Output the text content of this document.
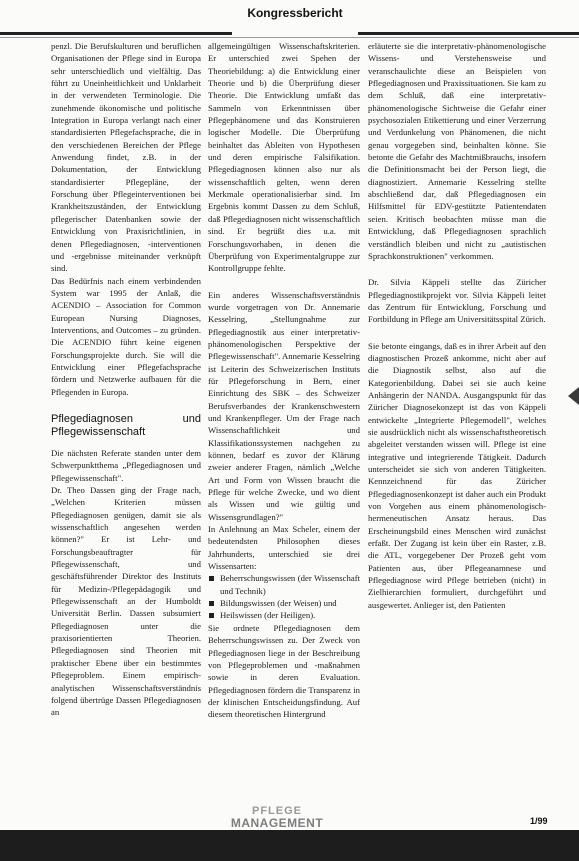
Kongressbericht

penzl. Die Berufskulturen und beruflichen Organisationen der Pflege sind in Europa sehr unterschiedlich und vielfältig. Das führt zu Uneinheitlichkeit und Unklarheit in der verwendeten Terminologie. Die zunehmende ökonomische und politische Integration in Europa verlangt nach einer standardisierten Pflegefachsprache, die in den verschiedenen Bereichen der Pflege Anwendung findet, z.B. in der Dokumentation, der Entwicklung standardisierter Pflegepläne, der Forschung über Pflegeinterventionen bei Krankheitszuständen, der Entwicklung pflegerischer Datenbanken sowie der Entwicklung von Praxisrichtlinien, in denen Pflegediagnosen, -interventionen und -ergebnisse miteinander verknüpft sind.

Das Bedürfnis nach einem verbindenden System war 1995 der Anlaß, die ACENDIO – Association for Common European Nursing Diagnoses, Interventions, and Outcomes – zu gründen. Die ACENDIO führt keine eigenen Forschungsprojekte durch. Sie will die Entwicklung einer Pflegefachsprache fördern und Netzwerke aufbauen für die Pflegenden in Europa.

Pflegediagnosen und Pflegewissenschaft

Die nächsten Referate standen unter dem Schwerpunktthema „Pflegediagnosen und Pflegewissenschaft".

Dr. Theo Dassen ging der Frage nach, „Welchen Kriterien müssen Pflegediagnosen genügen, damit sie als wissenschaftlich angesehen werden können?" Er ist Lehr- und Forschungsbeauftragter für Pflegewissenschaft, und geschäftsführender Direktor des Instituts für Medizin-/Pflegepädagogik und Pflegewissenschaft an der Humboldt Universität Berlin. Dassen subsumiert Pflegediagnosen unter die praxisorientierten Theorien. Pflegediagnosen sind Theorien mit praktischer Ebene über ein bestimmtes Pflegeproblem. Einem empirisch-analytischen Wissenschaftsverständnis folgend übertrüge Dassen Pflegediagnosen an

allgemeingültigen Wissenschaftskriterien. Er unterschied zwei Spehen der Theoriebildung: a) die Entwicklung einer Theorie und b) die Überprüfung dieser Theorie. Die Entwicklung umfaßt das Sammeln von Erkenntnissen über Pflegephänomene und das Konstruieren logischer Modelle. Die Überprüfung beinhaltet das Ableiten von Hypothesen und deren empirische Falsifikation. Pflegediagnosen können also nur als wissenschaftlich gelten, wenn deren Merkmale operationalisierbar sind. Im Ergebnis kommt Dassen zu dem Schluß, daß Pflegediagnosen nicht wissenschaftlich sind. Er begrüßt dies u.a. mit Forschungsvorhaben, in denen die Überprüfung von Experimentalgruppe zur Kontrollgruppe fehlte.

Ein anderes Wissenschaftsverständnis wurde vorgetragen von Dr. Annemarie Kesselring, „Stellungnahme zur Pflegediagnostik aus einer interpretativ-phänomenologischen Perspektive der Pflegewissenschaft". Annemarie Kesselring ist Leiterin des Schweizerischen Instituts für Pflegeforschung in Bern, einer Einrichtung des SBK – des Schweizer Berufsverbandes der Krankenschwestern und Krankenpfleger. Um der Frage nach Wissenschaftlichkeit und Klassifikationssystemen nachgehen zu können, bedarf es zuvor der Klärung zweier anderer Fragen, nämlich „Welche Art und Form von Wissen braucht die Pflege für welche Zwecke, und wo dient als Wissen und wie gültig und Wissensgrundlagen?"

In Anlehnung an Max Scheler, einem der bedeutendsten Philosophen dieses Jahrhunderts, unterschied sie drei Wissensarten:

Beherrschungswissen (der Wissenschaft und Technik)
Bildungswissen (der Weisen) und
Heilswissen (der Heiligen).

Sie ordnete Pflegediagnosen dem Beherrschungswissen zu. Der Zweck von Pflegediagnosen liege in der Beschreibung von Pflegeproblemen und -maßnahmen sowie in deren Evaluation. Pflegediagnosen fördern die Transparenz in der klinischen Entscheidungsfindung. Auf diesem theoretischen Hintergrund

erläuterte sie die interpretativ-phänomenologische Wissens- und Verstehensweise und veranschaulichte diese an Beispielen von Pflegediagnosen und Praxissituationen. Sie kam zu dem Schluß, daß eine interpretativ-phänomenologische Sichtweise die Gefahr einer psychosozialen Etikettierung und einer Verzerrung und Verdunkelung von Phänomenen, die nicht genau vorgegeben sind, beinhalten könne. Sie betonte die Gefahr des Machtmißbrauchs, insofern die Definitionsmacht bei der Person liegt, die diagnostiziert. Annemarie Kesselring stellte abschließend dar, daß Pflegediagnosen ein Hilfsmittel für EDV-gestützte Patientendaten seien. Kritisch beobachten müsse man die Entwicklung, daß Pflegediagnosen sprachlich verständlich bleiben und nicht zu „autistischen Sprachkonstruktionen" verkommen.

Dr. Silvia Käppeli stellte das Züricher Pflegediagnostikprojekt vor. Silvia Käppeli leitet das Zentrum für Entwicklung, Forschung und Fortbildung in Pflege am Universitätsspital Zürich.

Sie betonte eingangs, daß es in ihrer Arbeit auf den diagnostischen Prozeß ankomme, nicht aber auf die Diagnostik selbst, also auf die Kategorienbildung. Dabei sei sie auch keine Anhängerin der NANDA. Ausgangspunkt für das Züricher Diagnosekonzept ist das von Käppeli entwickelte „Integrierte Pflegemodell", welches sie ausdrücklich nicht als wissenschaftstheoretisch abgeleitet verstanden wissen will. Pflege ist eine integrative und integrierende Tätigkeit. Dadurch unterscheidet sie sich von anderen Tätigkeiten. Kennzeichnend für das Züricher Pflegediagnosenkonzept ist daher auch ein Produkt von Vorgehen aus einem phänomenologisch-hermeneutischen Ansatz heraus. Das Erscheinungsbild eines Menschen wird zunächst erfaßt. Der Zugang ist kein über ein Raster, z.B. die ATL, vorgegebener Der Prozeß geht vom Patienten aus, über Pflegeanamnese und Pflegediagnose wird Pflege betrieben (nicht) in Zielhierarchien formuliert, durchgeführt und ausgewertet. Anlieger ist, den Patienten

PFLEGE
MANAGEMENT	1/99
